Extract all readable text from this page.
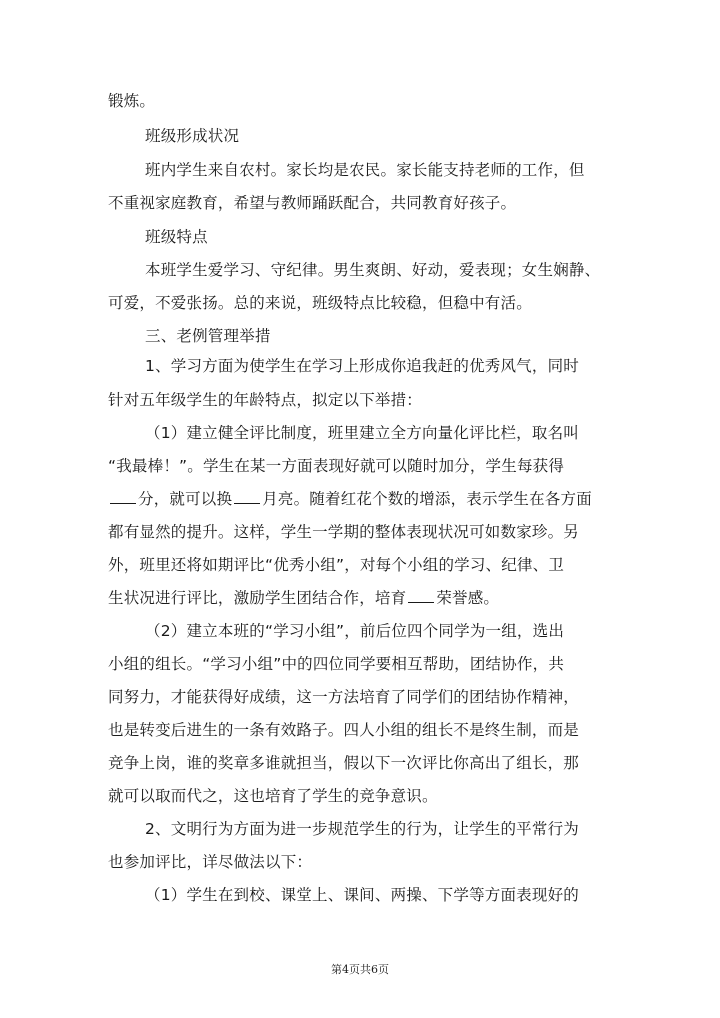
锻炼。
班级形成状况
班内学生来自农村。家长均是农民。家长能支持老师的工作，但
不重视家庭教育，希望与教师踊跃配合，共同教育好孩子。
班级特点
本班学生爱学习、守纪律。男生爽朗、好动，爱表现；女生娴静、
可爱，不爱张扬。总的来说，班级特点比较稳，但稳中有活。
三、老例管理举措
1、学习方面为使学生在学习上形成你追我赶的优秀风气，同时
针对五年级学生的年龄特点，拟定以下举措：
（1）建立健全评比制度，班里建立全方向量化评比栏，取名叫
“我最棒！”。学生在某一方面表现好就可以随时加分，学生每获得
分，就可以换 月亮。随着红花个数的增添，表示学生在各方面
都有显然的提升。这样，学生一学期的整体表现状况可如数家珍。另
外，班里还将如期评比“优秀小组”，对每个小组的学习、纪律、卫
生状况进行评比，激励学生团结合作，培育 荣誉感。
（2）建立本班的“学习小组”，前后位四个同学为一组，选出
小组的组长。“学习小组”中的四位同学要相互帮助，团结协作，共
同努力，才能获得好成绩，这一方法培育了同学们的团结协作精神，
也是转变后进生的一条有效路子。四人小组的组长不是终生制，而是
竞争上岗，谁的奖章多谁就担当，假以下一次评比你高出了组长，那
就可以取而代之，这也培育了学生的竞争意识。
2、文明行为方面为进一步规范学生的行为，让学生的平常行为
也参加评比，详尽做法以下：
（1）学生在到校、课堂上、课间、两操、下学等方面表现好的
第4页共6页
